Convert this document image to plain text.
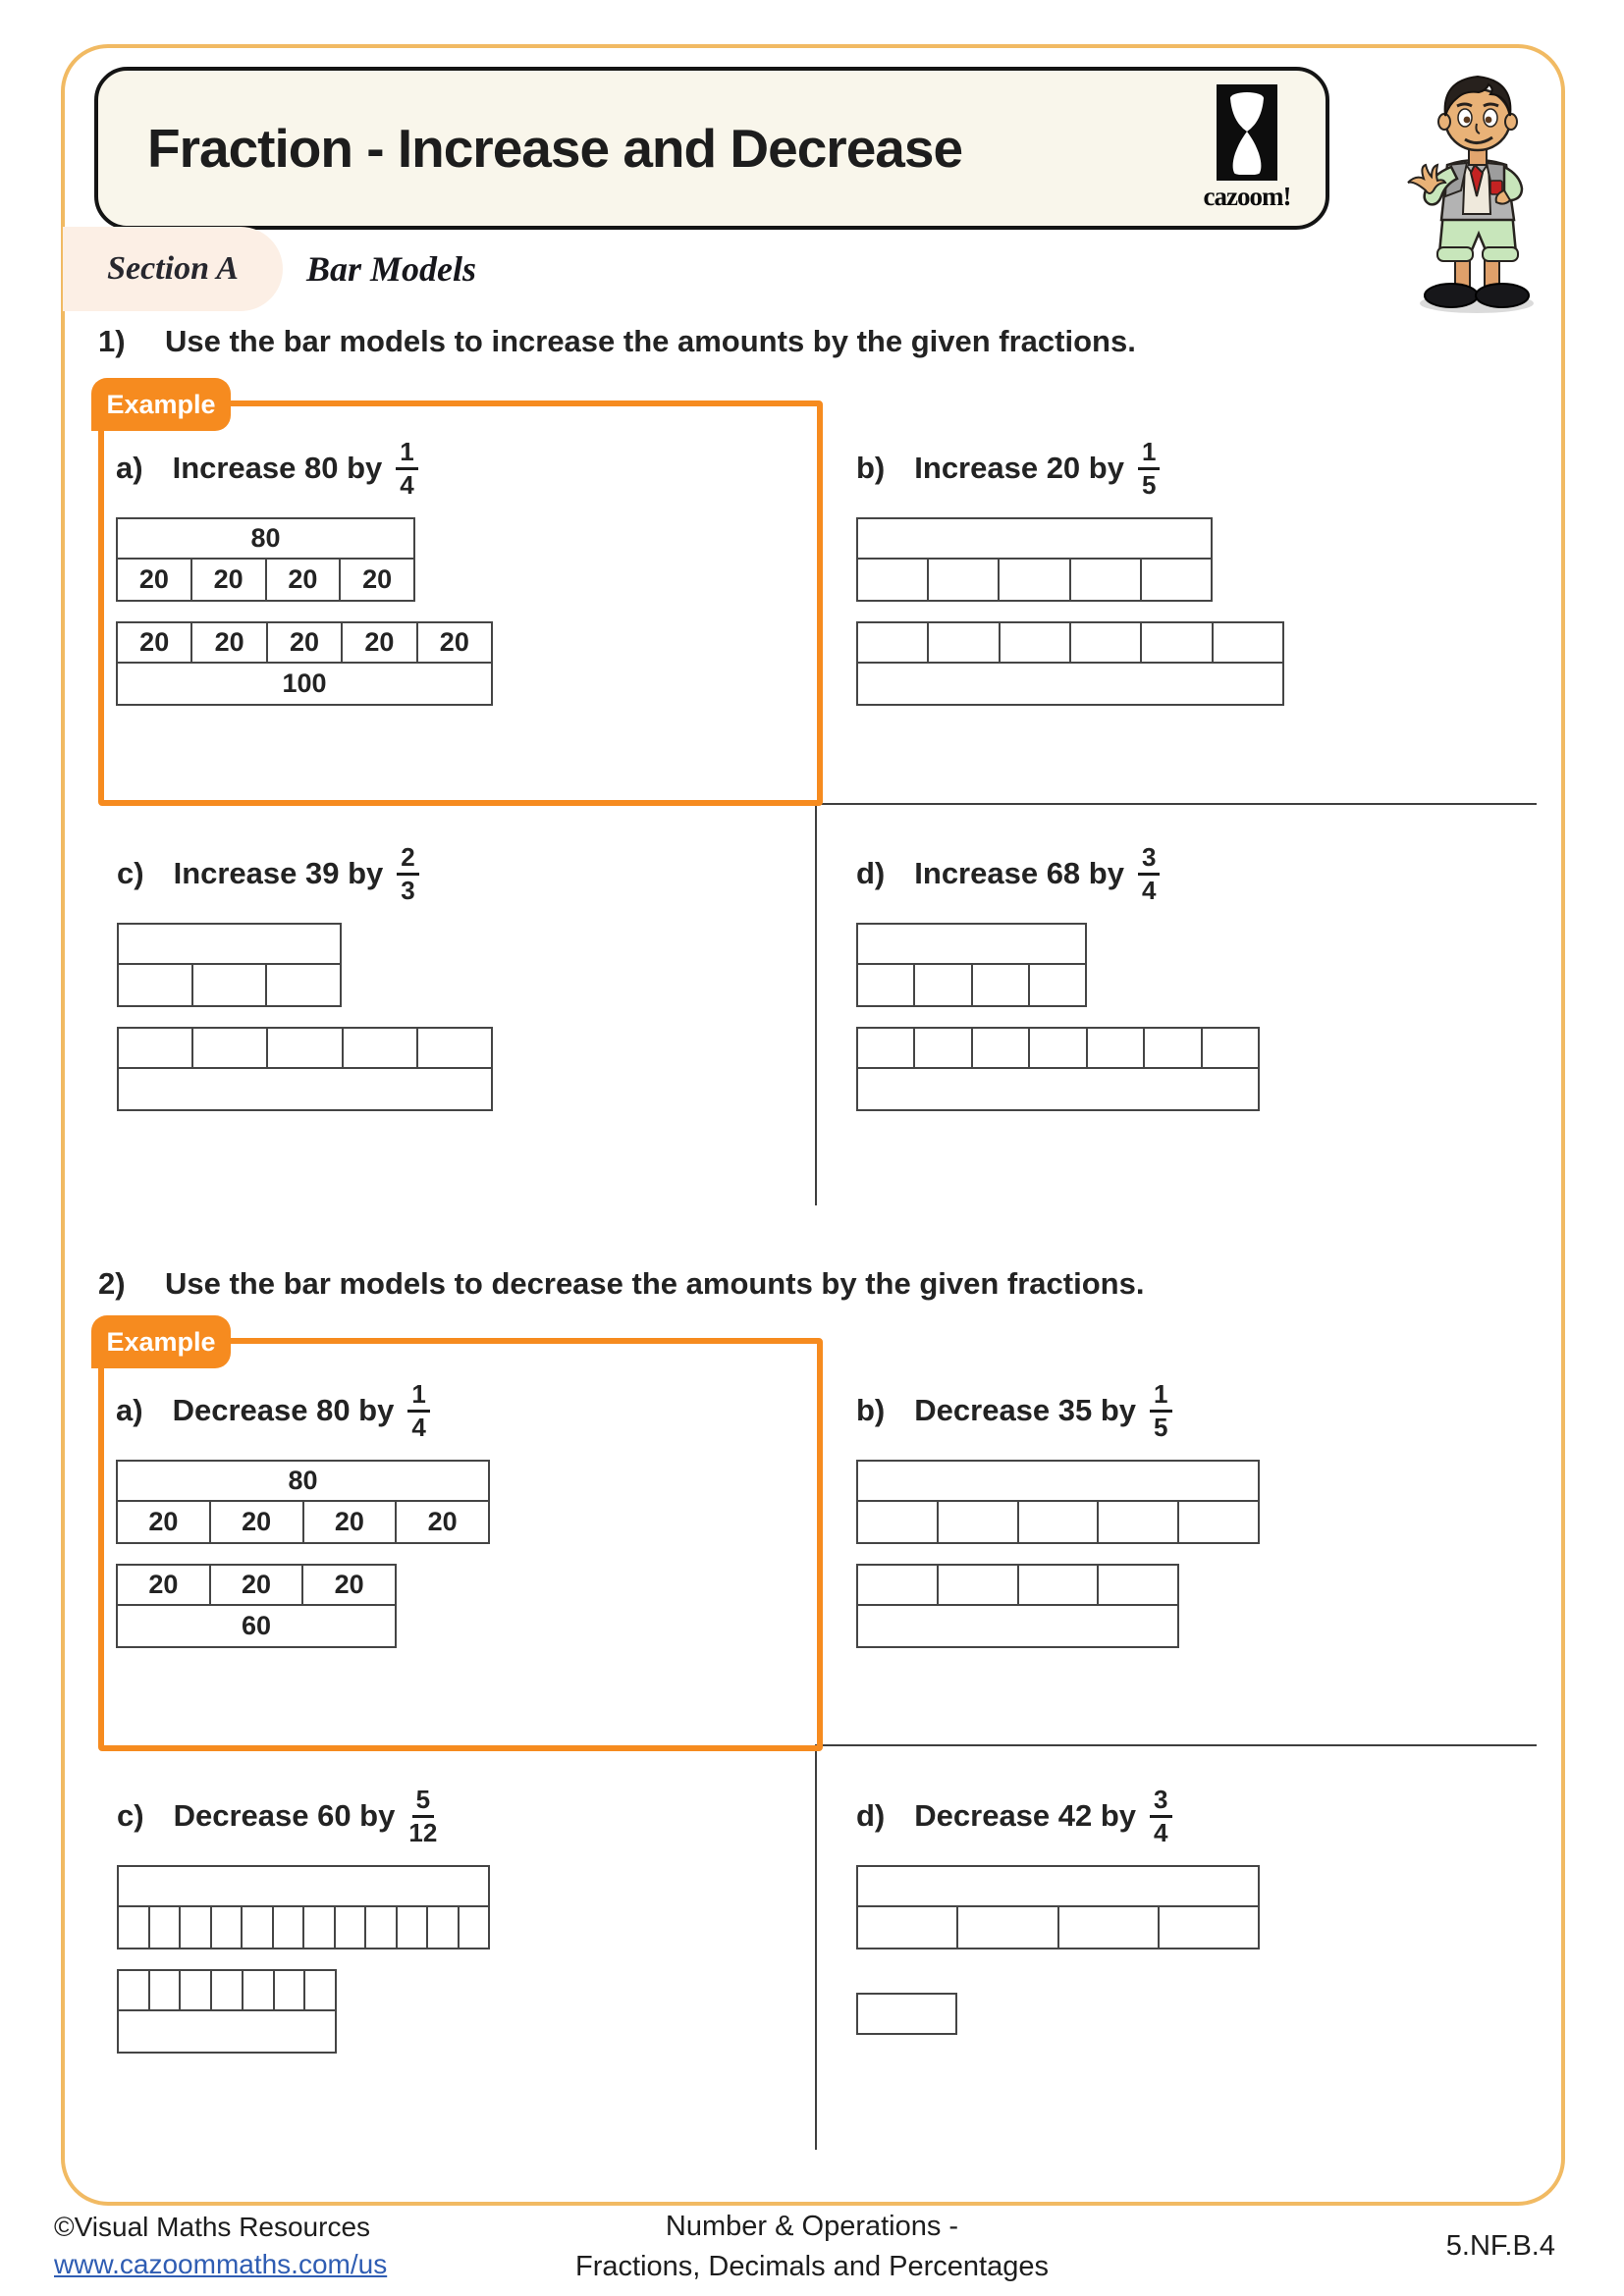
Fraction - Increase and Decrease
cazoom!
Section A Bar Models
1)	Use the bar models to increase the amounts by the given fractions.
Example
a) Increase 80 by $\frac{1}{4}$
80
20	20	20	20
20	20	20	20	20
100
b) Increase 20 by $\frac{1}{5}$
c) Increase 39 by $\frac{2}{3}$	d) Increase 68 by $\frac{3}{4}$
2)	Use the bar models to decrease the amounts by the given fractions.
Example
a) Decrease 80 by $\frac{1}{4}$
80
20	20	20	20
20	20	20
60
b) Decrease 35 by $\frac{1}{5}$
c) Decrease 60 by $\frac{5}{12}$	d) Decrease 42 by $\frac{3}{4}$
©Visual Maths Resources
www.cazoommaths.com/us
Number & Operations -
Fractions, Decimals and Percentages
5.NF.B.4
